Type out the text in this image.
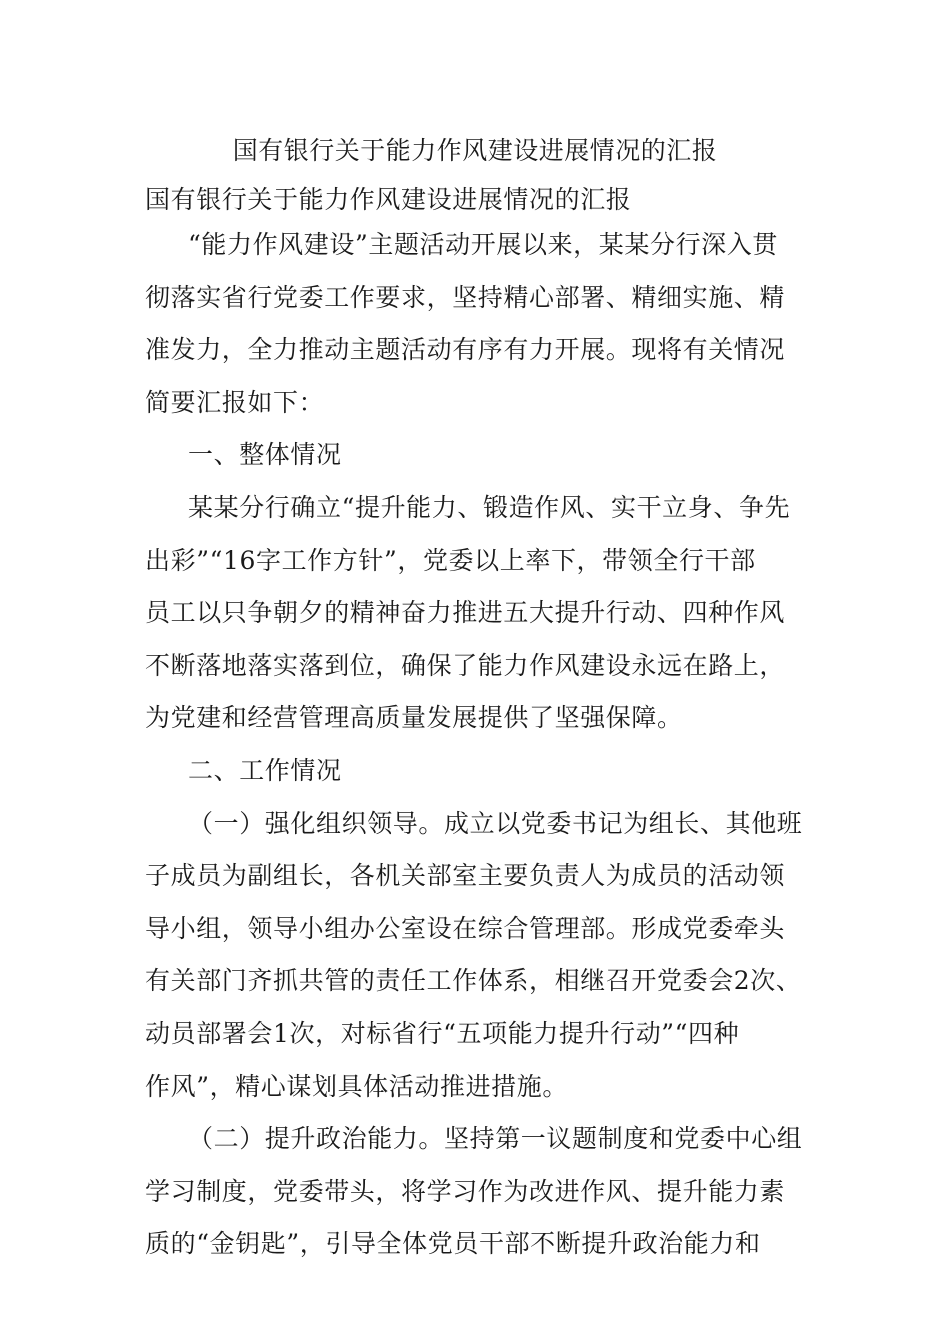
国有银行关于能力作风建设进展情况的汇报
国有银行关于能力作风建设进展情况的汇报
“能力作风建设”主题活动开展以来，某某分行深入贯
彻落实省行党委工作要求，坚持精心部署、精细实施、精
准发力，全力推动主题活动有序有力开展。现将有关情况
简要汇报如下：
一、整体情况
某某分行确立“提升能力、锻造作风、实干立身、争先
出彩”“16字工作方针”，党委以上率下，带领全行干部
员工以只争朝夕的精神奋力推进五大提升行动、四种作风
不断落地落实落到位，确保了能力作风建设永远在路上，
为党建和经营管理高质量发展提供了坚强保障。
二、工作情况
（一）强化组织领导。成立以党委书记为组长、其他班
子成员为副组长，各机关部室主要负责人为成员的活动领
导小组，领导小组办公室设在综合管理部。形成党委牵头
有关部门齐抓共管的责任工作体系，相继召开党委会2次、
动员部署会1次，对标省行“五项能力提升行动”“四种
作风”，精心谋划具体活动推进措施。
（二）提升政治能力。坚持第一议题制度和党委中心组
学习制度，党委带头，将学习作为改进作风、提升能力素
质的“金钥匙”，引导全体党员干部不断提升政治能力和
